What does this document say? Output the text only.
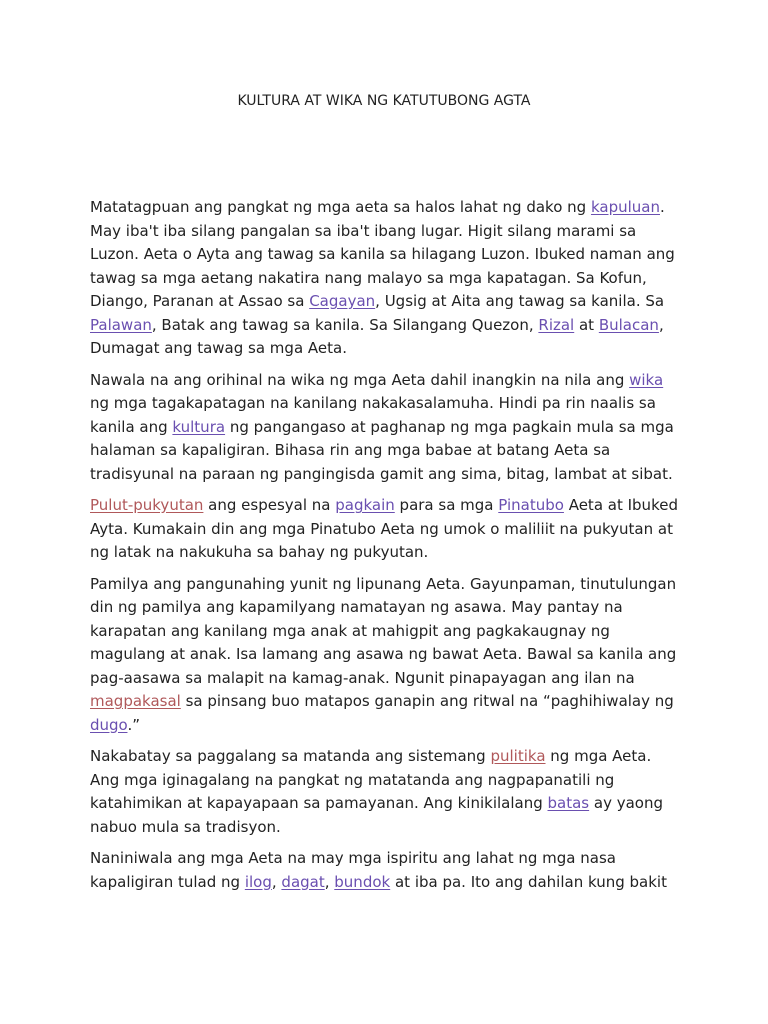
KULTURA AT WIKA NG KATUTUBONG AGTA

Matatagpuan ang pangkat ng mga aeta sa halos lahat ng dako ng kapuluan. May iba't iba silang pangalan sa iba't ibang lugar. Higit silang marami sa Luzon. Aeta o Ayta ang tawag sa kanila sa hilagang Luzon. Ibuked naman ang tawag sa mga aetang nakatira nang malayo sa mga kapatagan. Sa Kofun, Diango, Paranan at Assao sa Cagayan, Ugsig at Aita ang tawag sa kanila. Sa Palawan, Batak ang tawag sa kanila. Sa Silangang Quezon, Rizal at Bulacan, Dumagat ang tawag sa mga Aeta.

Nawala na ang orihinal na wika ng mga Aeta dahil inangkin na nila ang wika ng mga tagakapatagan na kanilang nakakasalamuha. Hindi pa rin naalis sa kanila ang kultura ng pangangaso at paghanap ng mga pagkain mula sa mga halaman sa kapaligiran. Bihasa rin ang mga babae at batang Aeta sa tradisyunal na paraan ng pangingisda gamit ang sima, bitag, lambat at sibat.

Pulut-pukyutan ang espesyal na pagkain para sa mga Pinatubo Aeta at Ibuked Ayta. Kumakain din ang mga Pinatubo Aeta ng umok o maliliit na pukyutan at ng latak na nakukuha sa bahay ng pukyutan.

Pamilya ang pangunahing yunit ng lipunang Aeta. Gayunpaman, tinutulungan din ng pamilya ang kapamilyang namatayan ng asawa. May pantay na karapatan ang kanilang mga anak at mahigpit ang pagkakaugnay ng magulang at anak. Isa lamang ang asawa ng bawat Aeta. Bawal sa kanila ang pag-aasawa sa malapit na kamag-anak. Ngunit pinapayagan ang ilan na magpakasal sa pinsang buo matapos ganapin ang ritwal na “paghihiwalay ng dugo.”

Nakabatay sa paggalang sa matanda ang sistemang pulitika ng mga Aeta. Ang mga iginagalang na pangkat ng matatanda ang nagpapanatili ng katahimikan at kapayapaan sa pamayanan. Ang kinikilalang batas ay yaong nabuo mula sa tradisyon.

Naniniwala ang mga Aeta na may mga ispiritu ang lahat ng mga nasa kapaligiran tulad ng ilog, dagat, bundok at iba pa. Ito ang dahilan kung bakit
